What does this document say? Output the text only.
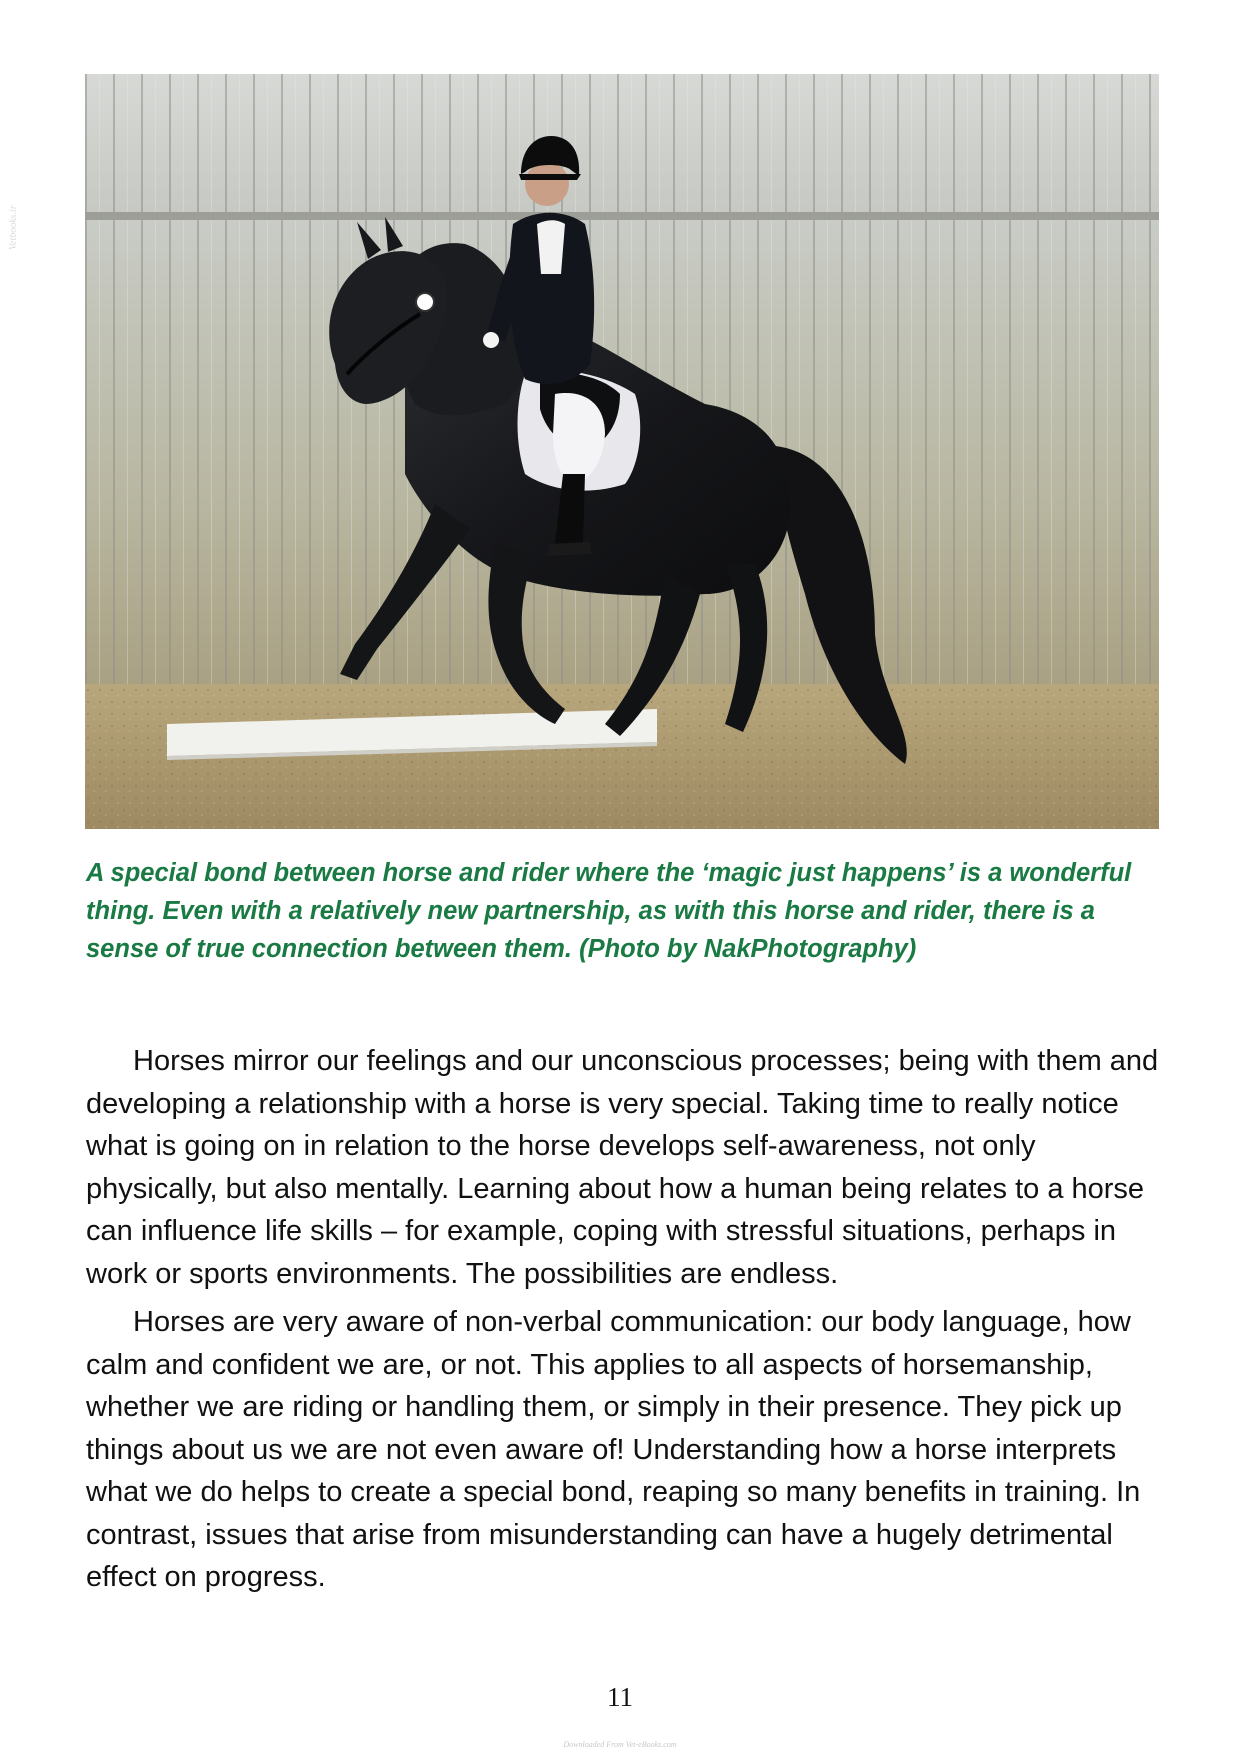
Vetbooks.ir

A special bond between horse and rider where the ‘magic just happens’ is a wonderful thing. Even with a relatively new partnership, as with this horse and rider, there is a sense of true connection between them. (Photo by NakPhotography)

Horses mirror our feelings and our unconscious processes; being with them and developing a relationship with a horse is very special. Taking time to really notice what is going on in relation to the horse develops self-awareness, not only physically, but also mentally. Learning about how a human being relates to a horse can influence life skills – for example, coping with stressful situations, perhaps in work or sports environments. The possibilities are endless.

Horses are very aware of non-verbal communication: our body language, how calm and confident we are, or not. This applies to all aspects of horsemanship, whether we are riding or handling them, or simply in their presence. They pick up things about us we are not even aware of! Understanding how a horse interprets what we do helps to create a special bond, reaping so many benefits in training. In contrast, issues that arise from misunderstanding can have a hugely detrimental effect on progress.

11
Downloaded From Vet-eBooks.com
